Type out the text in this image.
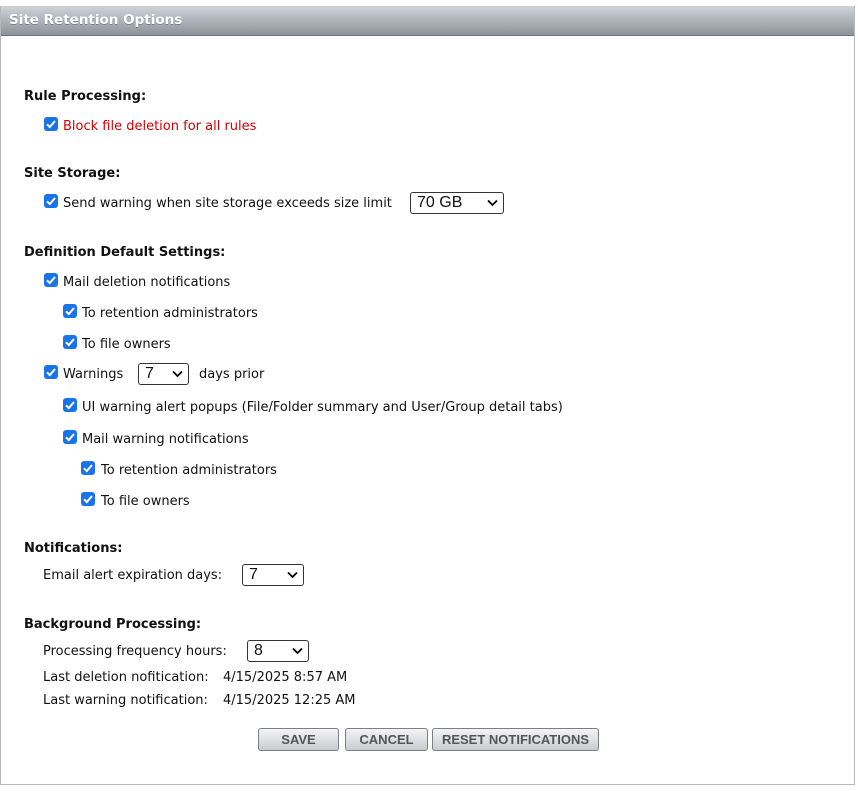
Site Retention Options
Rule Processing:
Block file deletion for all rules
Site Storage:
Send warning when site storage exceeds size limit	70 GB
Definition Default Settings:
Mail deletion notifications
To retention administrators
To file owners
Warnings	7	days prior
UI warning alert popups (File/Folder summary and User/Group detail tabs)
Mail warning notifications
To retention administrators
To file owners
Notifications:
Email alert expiration days:	7
Background Processing:
Processing frequency hours:	8
Last deletion nofitication: 4/15/2025 8:57 AM
Last warning notification: 4/15/2025 12:25 AM
SAVE	CANCEL	RESET NOTIFICATIONS
